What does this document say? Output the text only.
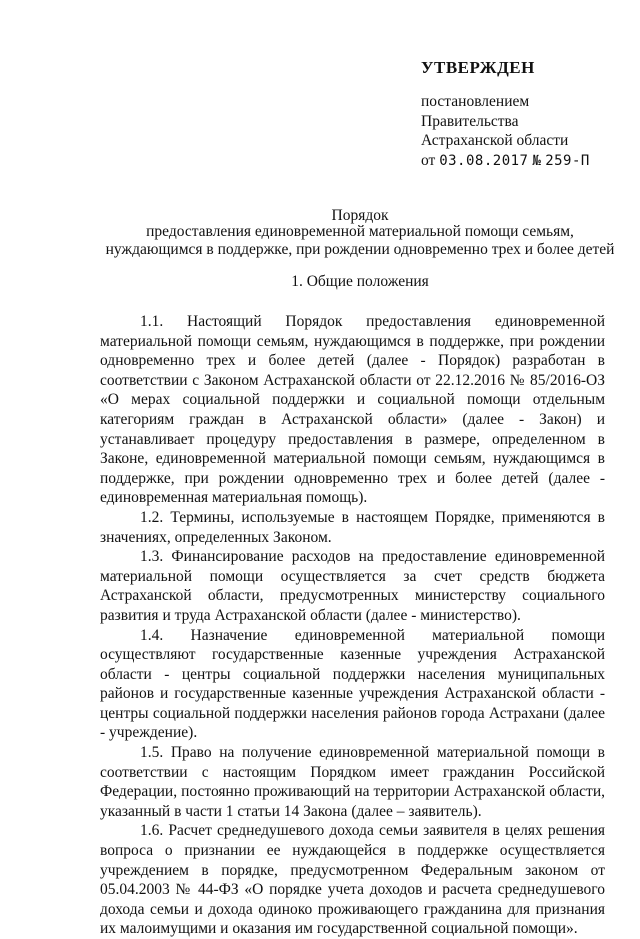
УТВЕРЖДЕН
постановлением
Правительства
Астраханской области
от 03.08.2017 № 259-П
Порядок
предоставления единовременной материальной помощи семьям, нуждающимся в поддержке, при рождении одновременно трех и более детей
1. Общие положения

1.1. Настоящий Порядок предоставления единовременной материальной помощи семьям, нуждающимся в поддержке, при рождении одновременно трех и более детей (далее - Порядок) разработан в соответствии с Законом Астраханской области от 22.12.2016 № 85/2016-ОЗ «О мерах социальной поддержки и социальной помощи отдельным категориям граждан в Астраханской области» (далее - Закон) и устанавливает процедуру предоставления в размере, определенном в Законе, единовременной материальной помощи семьям, нуждающимся в поддержке, при рождении одновременно трех и более детей (далее - единовременная материальная помощь).

1.2. Термины, используемые в настоящем Порядке, применяются в значениях, определенных Законом.

1.3. Финансирование расходов на предоставление единовременной материальной помощи осуществляется за счет средств бюджета Астраханской области, предусмотренных министерству социального развития и труда Астраханской области (далее - министерство).

1.4. Назначение единовременной материальной помощи осуществляют государственные казенные учреждения Астраханской области - центры социальной поддержки населения муниципальных районов и государственные казенные учреждения Астраханской области - центры социальной поддержки населения районов города Астрахани (далее - учреждение).

1.5. Право на получение единовременной материальной помощи в соответствии с настоящим Порядком имеет гражданин Российской Федерации, постоянно проживающий на территории Астраханской области, указанный в части 1 статьи 14 Закона (далее – заявитель).

1.6. Расчет среднедушевого дохода семьи заявителя в целях решения вопроса о признании ее нуждающейся в поддержке осуществляется учреждением в порядке, предусмотренном Федеральным законом от 05.04.2003 № 44-ФЗ «О порядке учета доходов и расчета среднедушевого дохода семьи и дохода одиноко проживающего гражданина для признания их малоимущими и оказания им государственной социальной помощи».
